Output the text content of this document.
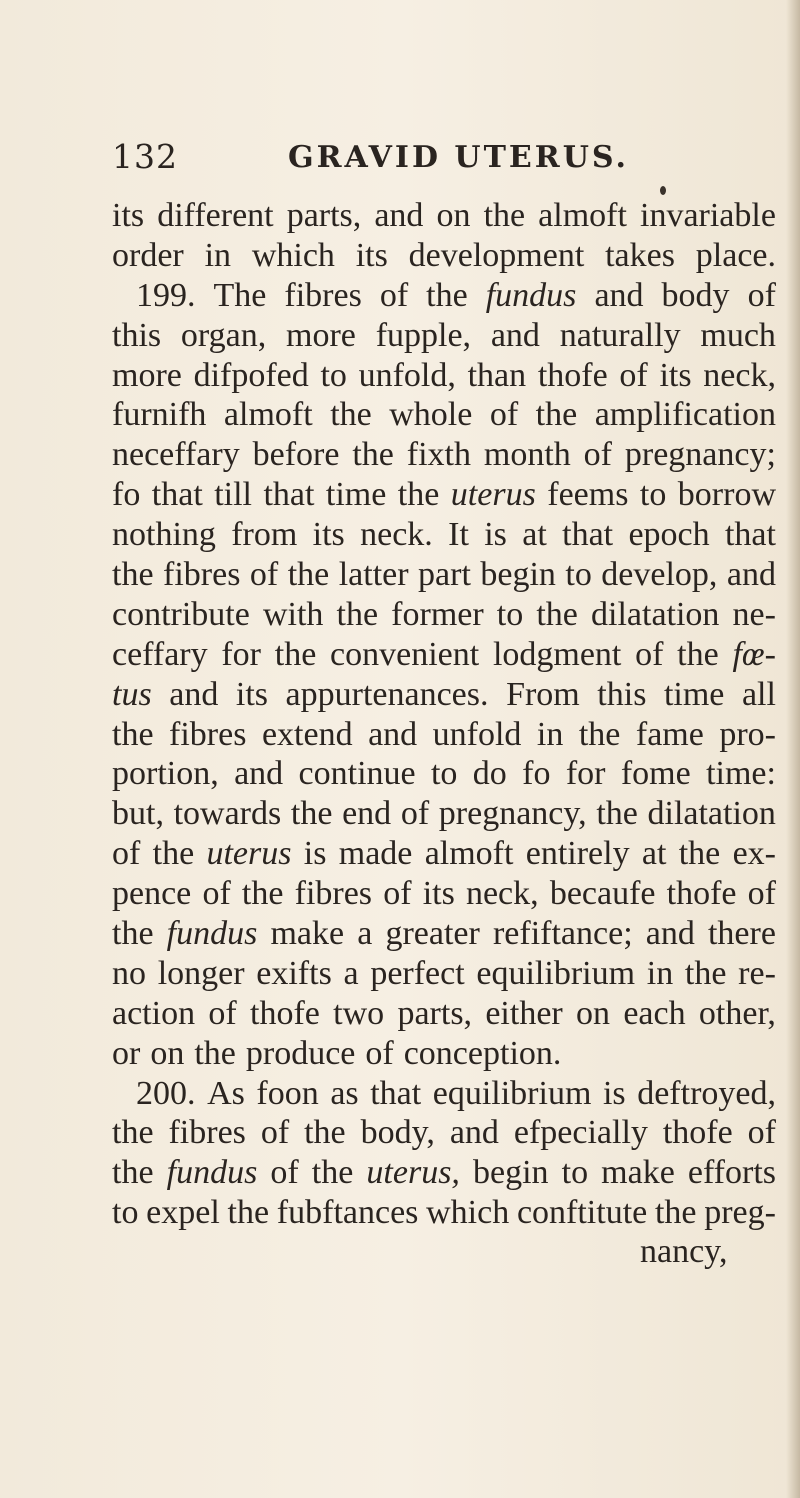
132	GRAVID UTERUS.
its different parts, and on the almoft invariable
order in which its development takes place.
199. The fibres of the fundus and body of
this organ, more fupple, and naturally much
more difpofed to unfold, than thofe of its neck,
furnifh almoft the whole of the amplification
neceffary before the fixth month of pregnancy;
fo that till that time the uterus feems to borrow
nothing from its neck. It is at that epoch that
the fibres of the latter part begin to develop, and
contribute with the former to the dilatation ne-
ceffary for the convenient lodgment of the fœ-
tus and its appurtenances. From this time all
the fibres extend and unfold in the fame pro-
portion, and continue to do fo for fome time:
but, towards the end of pregnancy, the dilatation
of the uterus is made almoft entirely at the ex-
pence of the fibres of its neck, becaufe thofe of
the fundus make a greater refiftance; and there
no longer exifts a perfect equilibrium in the re-
action of thofe two parts, either on each other,
or on the produce of conception.
200. As foon as that equilibrium is deftroyed,
the fibres of the body, and efpecially thofe of
the fundus of the uterus, begin to make efforts
to expel the fubftances which conftitute the preg-
nancy,
